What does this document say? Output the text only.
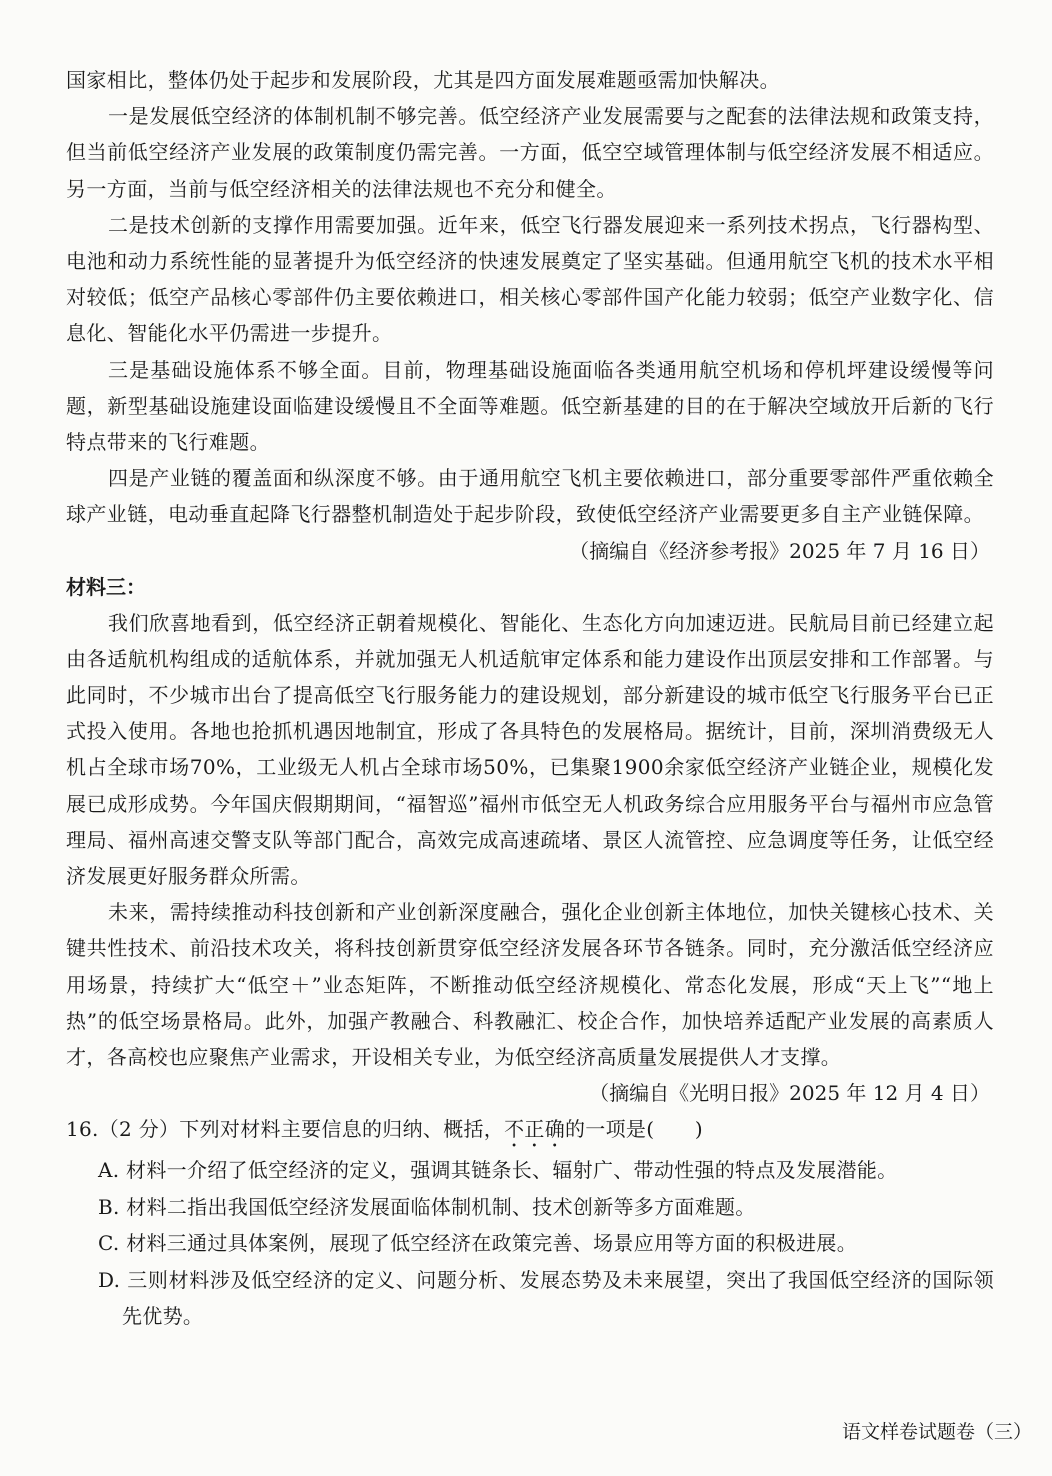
国家相比，整体仍处于起步和发展阶段，尤其是四方面发展难题亟需加快解决。

一是发展低空经济的体制机制不够完善。低空经济产业发展需要与之配套的法律法规和政策支持，但当前低空经济产业发展的政策制度仍需完善。一方面，低空空域管理体制与低空经济发展不相适应。另一方面，当前与低空经济相关的法律法规也不充分和健全。

二是技术创新的支撑作用需要加强。近年来，低空飞行器发展迎来一系列技术拐点，飞行器构型、电池和动力系统性能的显著提升为低空经济的快速发展奠定了坚实基础。但通用航空飞机的技术水平相对较低；低空产品核心零部件仍主要依赖进口，相关核心零部件国产化能力较弱；低空产业数字化、信息化、智能化水平仍需进一步提升。

三是基础设施体系不够全面。目前，物理基础设施面临各类通用航空机场和停机坪建设缓慢等问题，新型基础设施建设面临建设缓慢且不全面等难题。低空新基建的目的在于解决空域放开后新的飞行特点带来的飞行难题。

四是产业链的覆盖面和纵深度不够。由于通用航空飞机主要依赖进口，部分重要零部件严重依赖全球产业链，电动垂直起降飞行器整机制造处于起步阶段，致使低空经济产业需要更多自主产业链保障。

（摘编自《经济参考报》2025 年 7 月 16 日）

材料三：

我们欣喜地看到，低空经济正朝着规模化、智能化、生态化方向加速迈进。民航局目前已经建立起由各适航机构组成的适航体系，并就加强无人机适航审定体系和能力建设作出顶层安排和工作部署。与此同时，不少城市出台了提高低空飞行服务能力的建设规划，部分新建设的城市低空飞行服务平台已正式投入使用。各地也抢抓机遇因地制宜，形成了各具特色的发展格局。据统计，目前，深圳消费级无人机占全球市场70%，工业级无人机占全球市场50%，已集聚1900余家低空经济产业链企业，规模化发展已成形成势。今年国庆假期期间，“福智巡”福州市低空无人机政务综合应用服务平台与福州市应急管理局、福州高速交警支队等部门配合，高效完成高速疏堵、景区人流管控、应急调度等任务，让低空经济发展更好服务群众所需。

未来，需持续推动科技创新和产业创新深度融合，强化企业创新主体地位，加快关键核心技术、关键共性技术、前沿技术攻关，将科技创新贯穿低空经济发展各环节各链条。同时，充分激活低空经济应用场景，持续扩大“低空＋”业态矩阵，不断推动低空经济规模化、常态化发展，形成“天上飞”“地上热”的低空场景格局。此外，加强产教融合、科教融汇、校企合作，加快培养适配产业发展的高素质人才，各高校也应聚焦产业需求，开设相关专业，为低空经济高质量发展提供人才支撑。

（摘编自《光明日报》2025 年 12 月 4 日）

16.（2 分）下列对材料主要信息的归纳、概括，不正确的一项是(　　)

A. 材料一介绍了低空经济的定义，强调其链条长、辐射广、带动性强的特点及发展潜能。

B. 材料二指出我国低空经济发展面临体制机制、技术创新等多方面难题。

C. 材料三通过具体案例，展现了低空经济在政策完善、场景应用等方面的积极进展。

D. 三则材料涉及低空经济的定义、问题分析、发展态势及未来展望，突出了我国低空经济的国际领先优势。

语文样卷试题卷（三）
